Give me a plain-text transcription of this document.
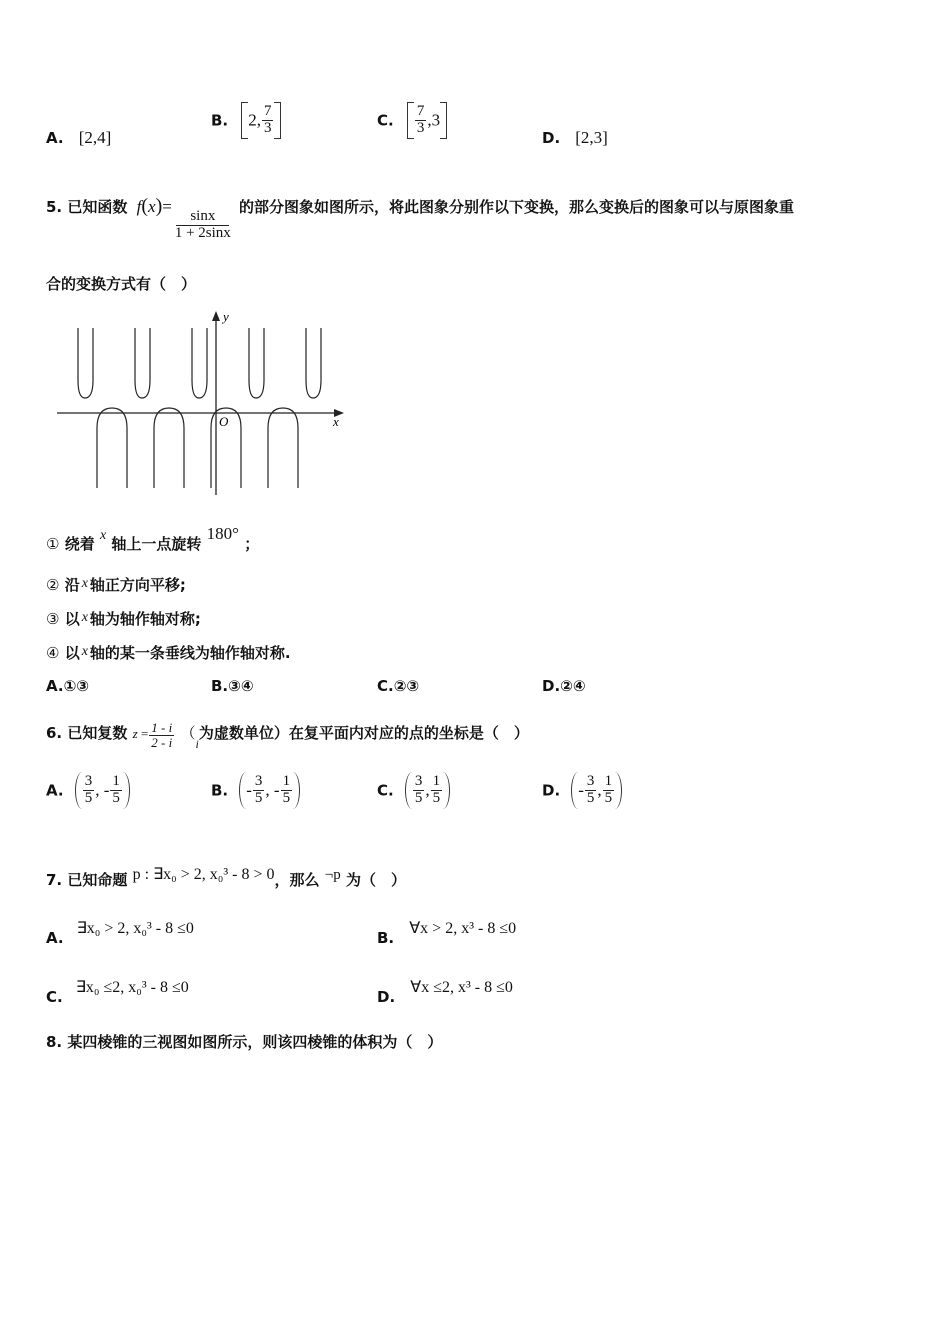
A. [2,4]
B. 2, $\frac{7}{3}$	C. $\frac{7}{3} ,3$
D. [2,3]
5. 已知函数 f(x)=
$\frac{\sin x}{1 + 2\sin x}$
的部分图象如图所示，将此图象分别作以下变换，那么变换后的图象可以与原图象重
合的变换方式有（　）
y
x
O
① 绕着 x 轴上一点旋转 180° ；
② 沿 x 轴正方向平移;
③ 以 x 轴为轴作轴对称;
④ 以 x 轴的某一条垂线为轴作轴对称.
A.①③	B.③④	C.②③	D.②④
6. 已知复数 $z = \frac{1 - i}{2 - i} (_i$为虚数单位）在复平面内对应的点的坐标是（　）
A. $\frac{3}{5}$ , - $\frac{1}{5}$	B. - $\frac{3}{5}$ , - $\frac{1}{5}$	C. $\frac{3}{5}$ , $\frac{1}{5}$	D. - $\frac{3}{5}$ , $\frac{1}{5}$
7. 已知命题 p : ∃x₀ > 2, x₀³ - 8 > 0，那么 ¬p 为（　）
A. ∃x₀ > 2, x₀³ - 8 ≤0
B. ∀x > 2, x³ - 8 ≤0
C. ∃x₀ ≤2, x₀³ - 8 ≤0
D. ∀x ≤2, x³ - 8 ≤0
8. 某四棱锥的三视图如图所示，则该四棱锥的体积为（　）
